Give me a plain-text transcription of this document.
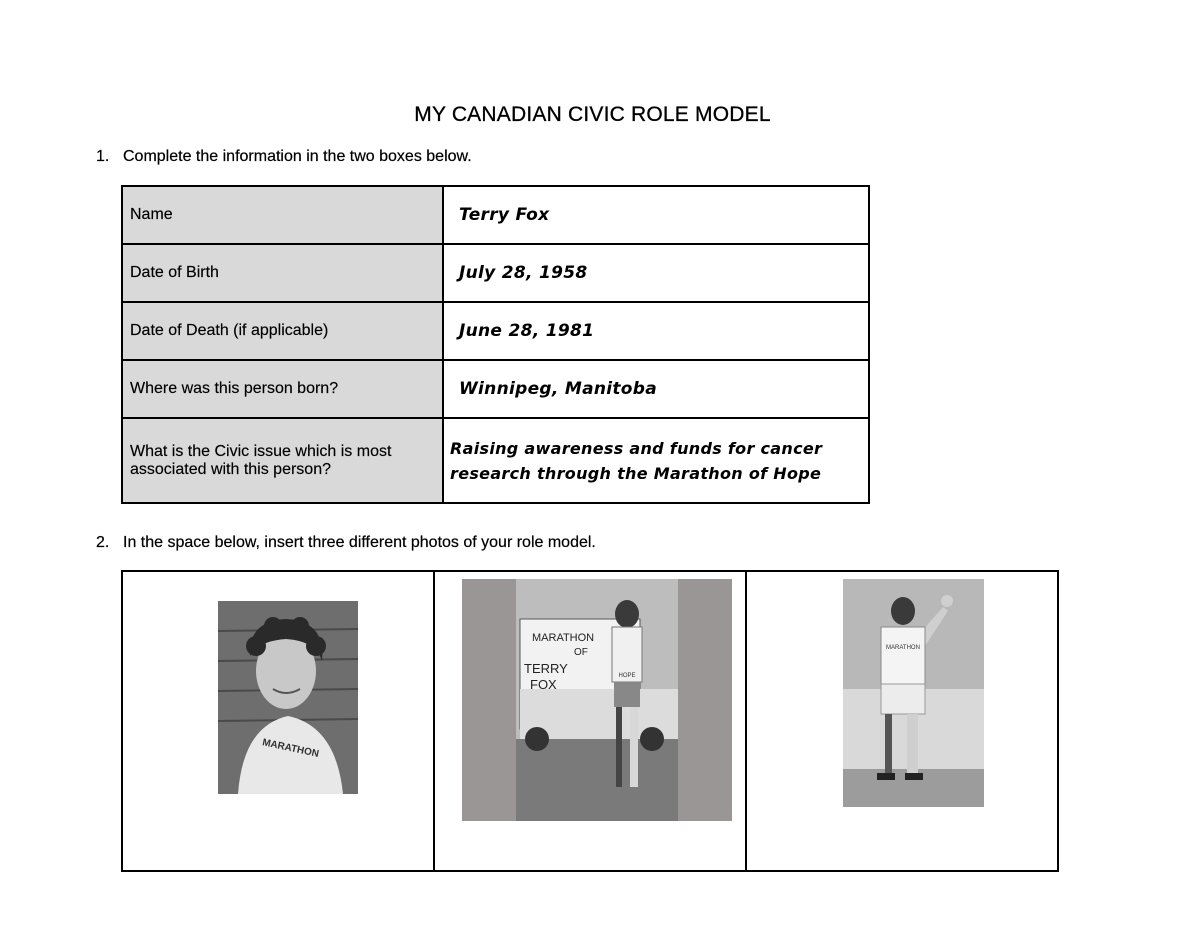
MY CANADIAN CIVIC ROLE MODEL
1. Complete the information in the two boxes below.
Name	Terry Fox
Date of Birth	July 28, 1958
Date of Death (if applicable)	June 28, 1981
Where was this person born?	Winnipeg, Manitoba
What is the Civic issue which is most associated with this person?	Raising awareness and funds for cancer research through the Marathon of Hope
2. In the space below, insert three different photos of your role model.
MARATHON
MARATHON
OF
TERRY
FOX
HOPE
MARATHON
